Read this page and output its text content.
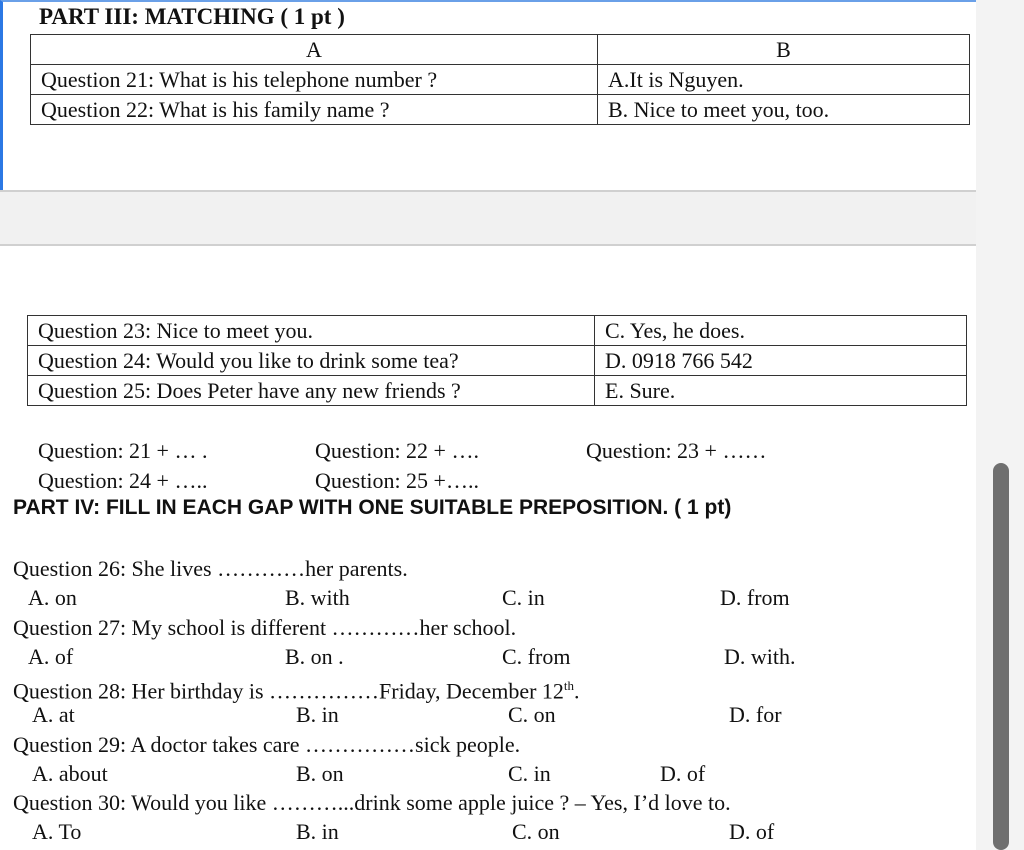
PART III: MATCHING ( 1 pt )
A	B
Question 21: What is his telephone number ?	A.It is Nguyen.
Question 22: What is his family name ?	B. Nice to meet you, too.
Question 23: Nice to meet you.	C. Yes, he does.
Question 24: Would you like to drink some tea?	D. 0918 766 542
Question 25: Does Peter have any new friends ?	E. Sure.
Question: 21 + … .	Question: 22 + ….	Question: 23 + ……
Question: 24 + …..	Question: 25 +…..
PART IV: FILL IN EACH GAP WITH ONE SUITABLE PREPOSITION. ( 1 pt)
Question 26: She lives …………her parents.
A. on	B. with	C. in	D. from
Question 27: My school is different …………her school.
A. of	B. on .	C. from	D. with.
Question 28: Her birthday is ……………Friday, December 12th.
A. at	B. in	C. on	D. for
Question 29: A doctor takes care ……………sick people.
A. about	B. on	C. in	D. of
Question 30: Would you like ………...drink some apple juice ? – Yes, I’d love to.
A. To	B. in	C. on	D. of
